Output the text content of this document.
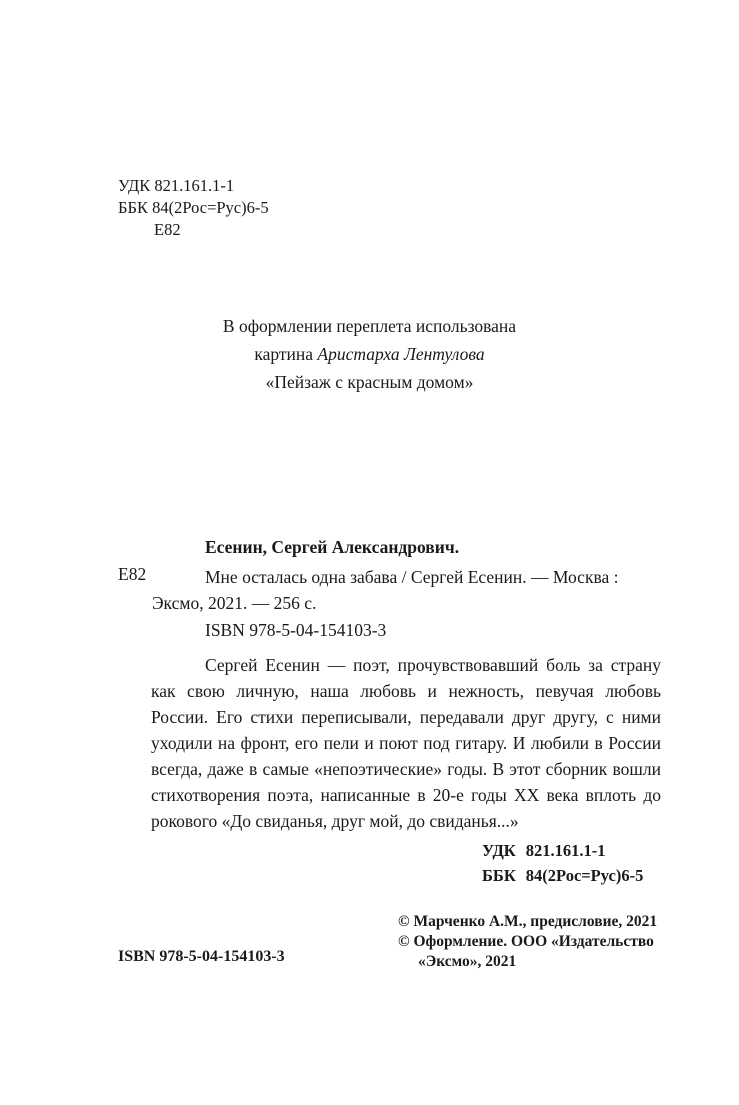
УДК 821.161.1-1
ББК 84(2Рос=Рус)6-5
Е82
В оформлении переплета использована
картина Аристарха Лентулова
«Пейзаж с красным домом»
Есенин, Сергей Александрович.
Е82	Мне осталась одна забава / Сергей Есенин. — Москва :
Эксмо, 2021. — 256 с.
ISBN 978-5-04-154103-3
Сергей Есенин — поэт, прочувствовавший боль за страну как свою личную, наша любовь и нежность, певучая любовь России. Его стихи переписывали, передавали друг другу, с ними уходили на фронт, его пели и поют под гитару. И любили в России всегда, даже в самые «непоэтические» годы. В этот сборник вошли стихотворения поэта, написанные в 20-е годы XX века вплоть до рокового «До свиданья, друг мой, до свиданья...»
УДК 821.161.1-1
ББК 84(2Рос=Рус)6-5
© Марченко А.М., предисловие, 2021
© Оформление. ООО «Издательство
«Эксмо», 2021
ISBN 978-5-04-154103-3
